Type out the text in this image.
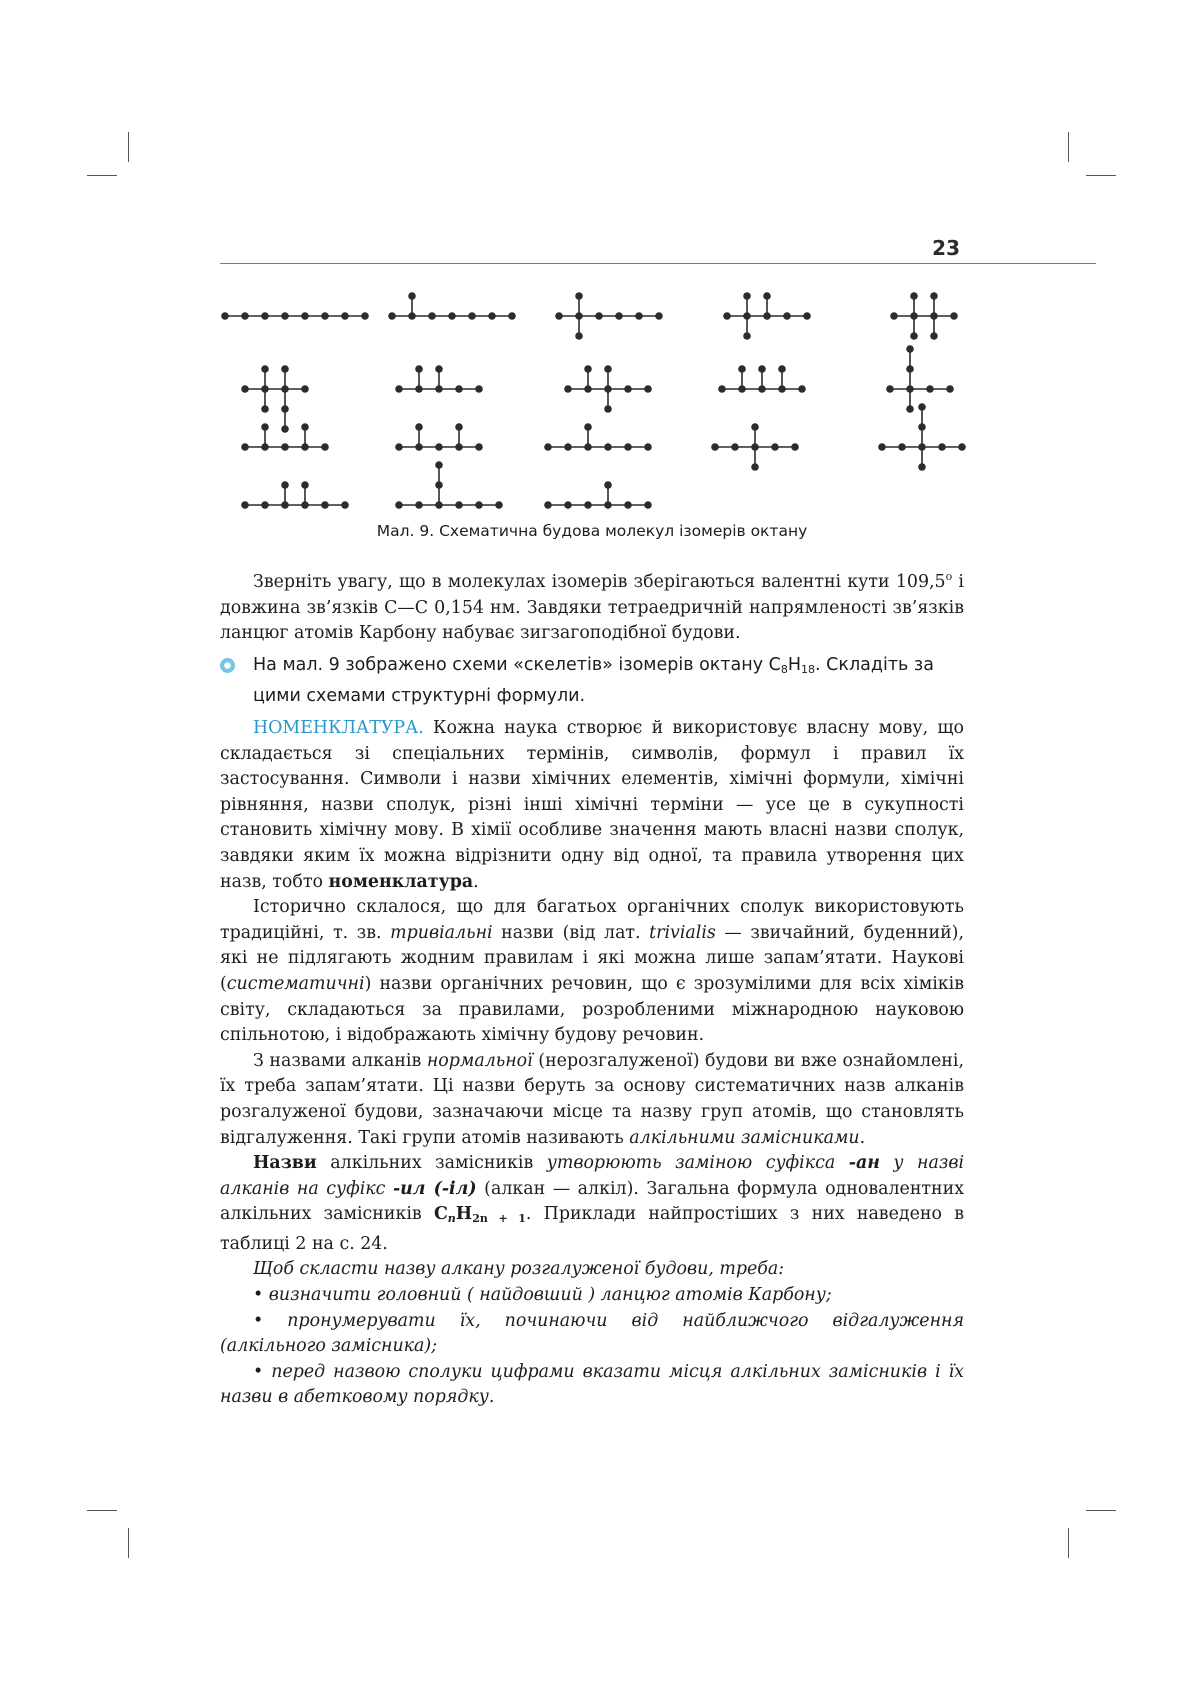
23
Мал. 9. Схематична будова молекул ізомерів октану

Зверніть увагу, що в молекулах ізомерів зберігаються валентні кути 109,5$^o$ і довжина зв’язків С—С 0,154 нм. Завдяки тетраедричній напрямленості зв’язків ланцюг атомів Карбону набуває зигзагоподібної будови.

На мал. 9 зображено схеми «скелетів» ізомерів октану $C_8H_{18}$. Складіть за цими схемами структурні формули.

НОМЕНКЛАТУРА. Кожна наука створює й використовує власну мову, що складається зі спеціальних термінів, символів, формул і правил їх застосування. Символи і назви хімічних елементів, хімічні формули, хімічні рівняння, назви сполук, різні інші хімічні терміни — усе це в сукупності становить хімічну мову. В хімії особливе значення мають власні назви сполук, завдяки яким їх можна відрізнити одну від одної, та правила утворення цих назв, тобто номенклатура.

Історично склалося, що для багатьох органічних сполук використовують традиційні, т. зв. тривіальні назви (від лат. trivialis — звичайний, буденний), які не підлягають жодним правилам і які можна лише запам’ятати. Наукові (систематичні) назви органічних речовин, що є зрозумілими для всіх хіміків світу, складаються за правилами, розробленими міжнародною науковою спільнотою, і відображають хімічну будову речовин.

З назвами алканів нормальної (нерозгалуженої) будови ви вже ознайомлені, їх треба запам’ятати. Ці назви беруть за основу систематичних назв алканів розгалуженої будови, зазначаючи місце та назву груп атомів, що становлять відгалуження. Такі групи атомів називають алкільними замісниками.

Назви алкільних замісників утворюють заміною суфікса -ан у назві алканів на суфікс -ил (-іл) (алкан — алкіл). Загальна формула одновалентних алкільних замісників $C_nH_{2n + 1}$. Приклади найпростіших з них наведено в таблиці 2 на с. 24.

Щоб скласти назву алкану розгалуженої будови, треба:

• визначити головний ( найдовший ) ланцюг атомів Карбону;

• пронумерувати їх, починаючи від найближчого відгалуження (алкільного замісника);

• перед назвою сполуки цифрами вказати місця алкільних замісників і їх назви в абетковому порядку.
